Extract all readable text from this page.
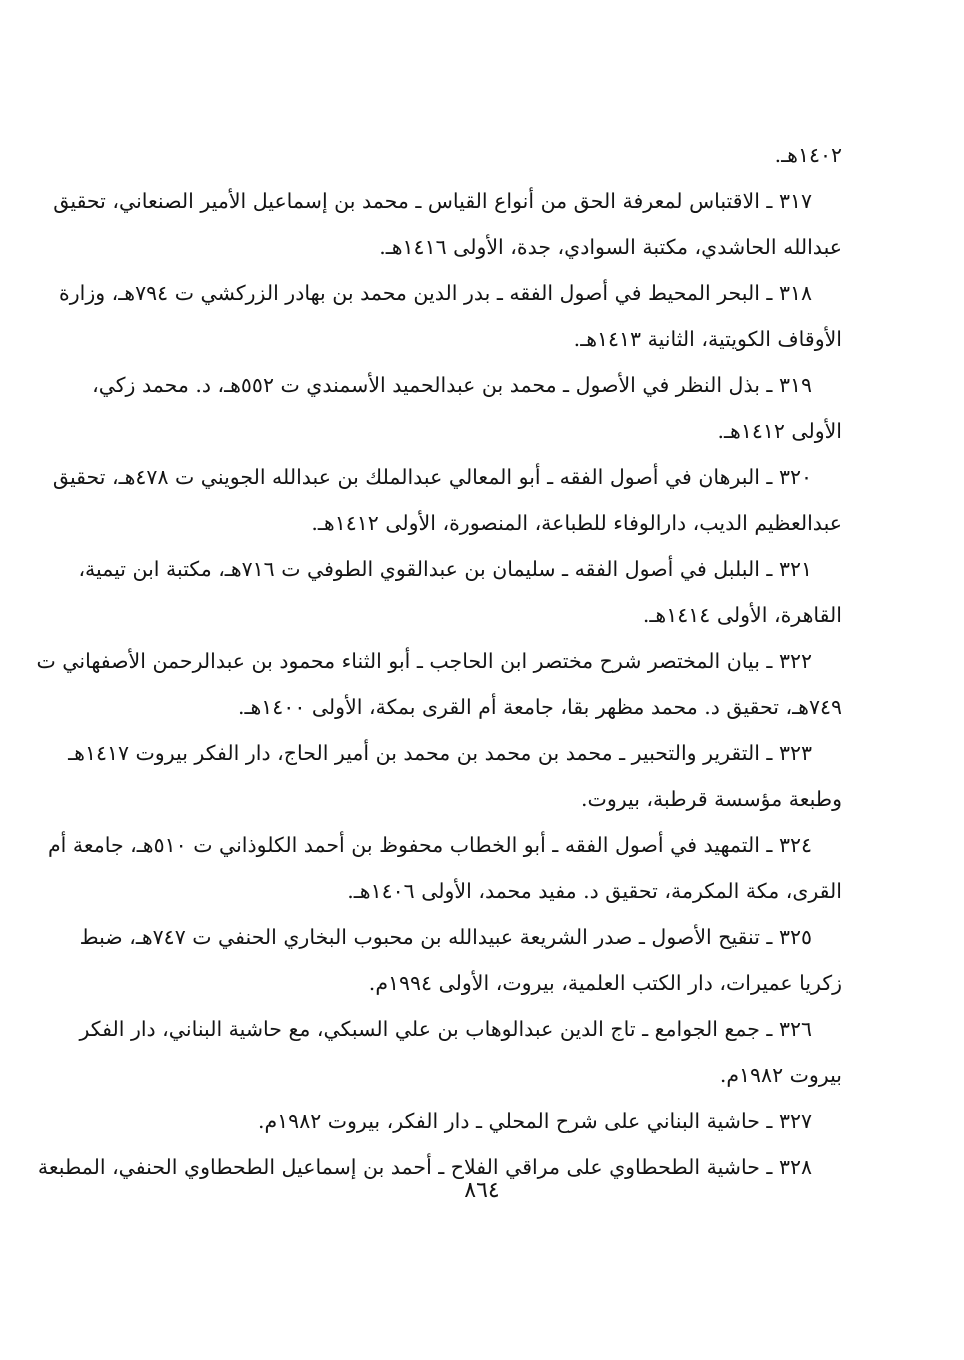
١٤٠٢هـ.
٣١٧ ـ الاقتباس لمعرفة الحق من أنواع القياس ـ محمد بن إسماعيل الأمير الصنعاني، تحقيق
عبدالله الحاشدي، مكتبة السوادي، جدة، الأولى ١٤١٦هـ.
٣١٨ ـ البحر المحيط في أصول الفقه ـ بدر الدين محمد بن بهادر الزركشي ت ٧٩٤هـ، وزارة
الأوقاف الكويتية، الثانية ١٤١٣هـ.
٣١٩ ـ بذل النظر في الأصول ـ محمد بن عبدالحميد الأسمندي ت ٥٥٢هـ، د. محمد زكي،
الأولى ١٤١٢هـ.
٣٢٠ ـ البرهان في أصول الفقه ـ أبو المعالي عبدالملك بن عبدالله الجويني ت ٤٧٨هـ، تحقيق
عبدالعظيم الديب، دارالوفاء للطباعة، المنصورة، الأولى ١٤١٢هـ.
٣٢١ ـ البلبل في أصول الفقه ـ سليمان بن عبدالقوي الطوفي ت ٧١٦هـ، مكتبة ابن تيمية،
القاهرة، الأولى ١٤١٤هـ.
٣٢٢ ـ بيان المختصر شرح مختصر ابن الحاجب ـ أبو الثناء محمود بن عبدالرحمن الأصفهاني ت
٧٤٩هـ، تحقيق د. محمد مظهر بقا، جامعة أم القرى بمكة، الأولى ١٤٠٠هـ.
٣٢٣ ـ التقرير والتحبير ـ محمد بن محمد بن محمد بن أمير الحاج، دار الفكر بيروت ١٤١٧هـ
وطبعة مؤسسة قرطبة، بيروت.
٣٢٤ ـ التمهيد في أصول الفقه ـ أبو الخطاب محفوظ بن أحمد الكلوذاني ت ٥١٠هـ، جامعة أم
القرى، مكة المكرمة، تحقيق د. مفيد محمد، الأولى ١٤٠٦هـ.
٣٢٥ ـ تنقيح الأصول ـ صدر الشريعة عبيدالله بن محبوب البخاري الحنفي ت ٧٤٧هـ، ضبط
زكريا عميرات، دار الكتب العلمية، بيروت، الأولى ١٩٩٤م.
٣٢٦ ـ جمع الجوامع ـ تاج الدين عبدالوهاب بن علي السبكي، مع حاشية البناني، دار الفكر
بيروت ١٩٨٢م.
٣٢٧ ـ حاشية البناني على شرح المحلي ـ دار الفكر، بيروت ١٩٨٢م.
٣٢٨ ـ حاشية الطحطاوي على مراقي الفلاح ـ أحمد بن إسماعيل الطحطاوي الحنفي، المطبعة
٨٦٤
